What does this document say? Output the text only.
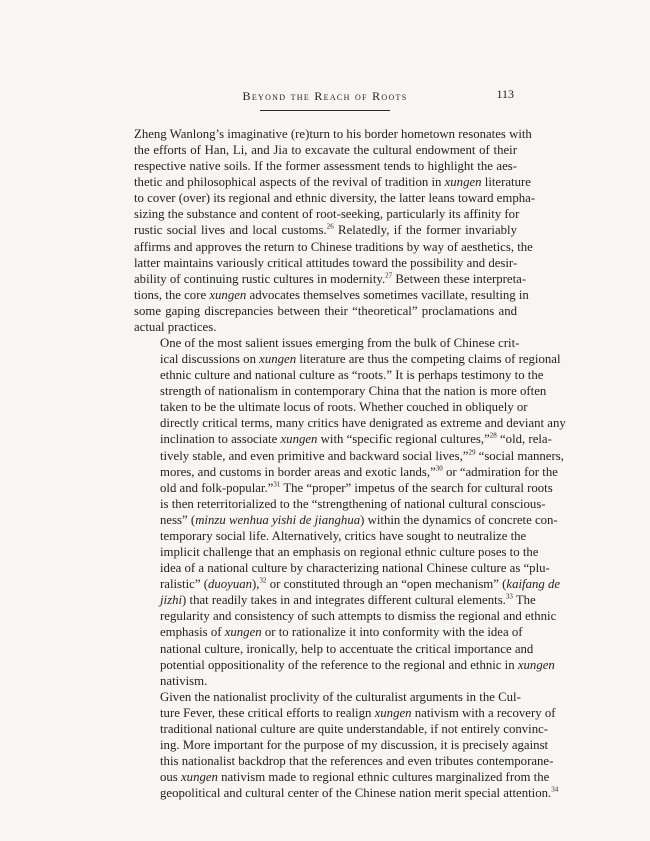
Beyond the Reach of Roots	113

Zheng Wanlong’s imaginative (re)turn to his border hometown resonates with
the efforts of Han, Li, and Jia to excavate the cultural endowment of their
respective native soils. If the former assessment tends to highlight the aes-
thetic and philosophical aspects of the revival of tradition in xungen literature
to cover (over) its regional and ethnic diversity, the latter leans toward empha-
sizing the substance and content of root-seeking, particularly its affinity for
rustic social lives and local customs.$^{26}$ Relatedly, if the former invariably
affirms and approves the return to Chinese traditions by way of aesthetics, the
latter maintains variously critical attitudes toward the possibility and desir-
ability of continuing rustic cultures in modernity.$^{27}$ Between these interpreta-
tions, the core xungen advocates themselves sometimes vacillate, resulting in
some gaping discrepancies between their “theoretical” proclamations and
actual practices.

One of the most salient issues emerging from the bulk of Chinese crit-
ical discussions on xungen literature are thus the competing claims of regional
ethnic culture and national culture as “roots.” It is perhaps testimony to the
strength of nationalism in contemporary China that the nation is more often
taken to be the ultimate locus of roots. Whether couched in obliquely or
directly critical terms, many critics have denigrated as extreme and deviant any
inclination to associate xungen with “specific regional cultures,”$^{28}$ “old, rela-
tively stable, and even primitive and backward social lives,”$^{29}$ “social manners,
mores, and customs in border areas and exotic lands,”$^{30}$ or “admiration for the
old and folk-popular.”$^{31}$ The “proper” impetus of the search for cultural roots
is then reterritorialized to the “strengthening of national cultural conscious-
ness” (minzu wenhua yishi de jianghua) within the dynamics of concrete con-
temporary social life. Alternatively, critics have sought to neutralize the
implicit challenge that an emphasis on regional ethnic culture poses to the
idea of a national culture by characterizing national Chinese culture as “plu-
ralistic” (duoyuan),$^{32}$ or constituted through an “open mechanism” (kaifang de
jizhi) that readily takes in and integrates different cultural elements.$^{33}$ The
regularity and consistency of such attempts to dismiss the regional and ethnic
emphasis of xungen or to rationalize it into conformity with the idea of
national culture, ironically, help to accentuate the critical importance and
potential oppositionality of the reference to the regional and ethnic in xungen
nativism.

Given the nationalist proclivity of the culturalist arguments in the Cul-
ture Fever, these critical efforts to realign xungen nativism with a recovery of
traditional national culture are quite understandable, if not entirely convinc-
ing. More important for the purpose of my discussion, it is precisely against
this nationalist backdrop that the references and even tributes contemporane-
ous xungen nativism made to regional ethnic cultures marginalized from the
geopolitical and cultural center of the Chinese nation merit special attention.$^{34}$
